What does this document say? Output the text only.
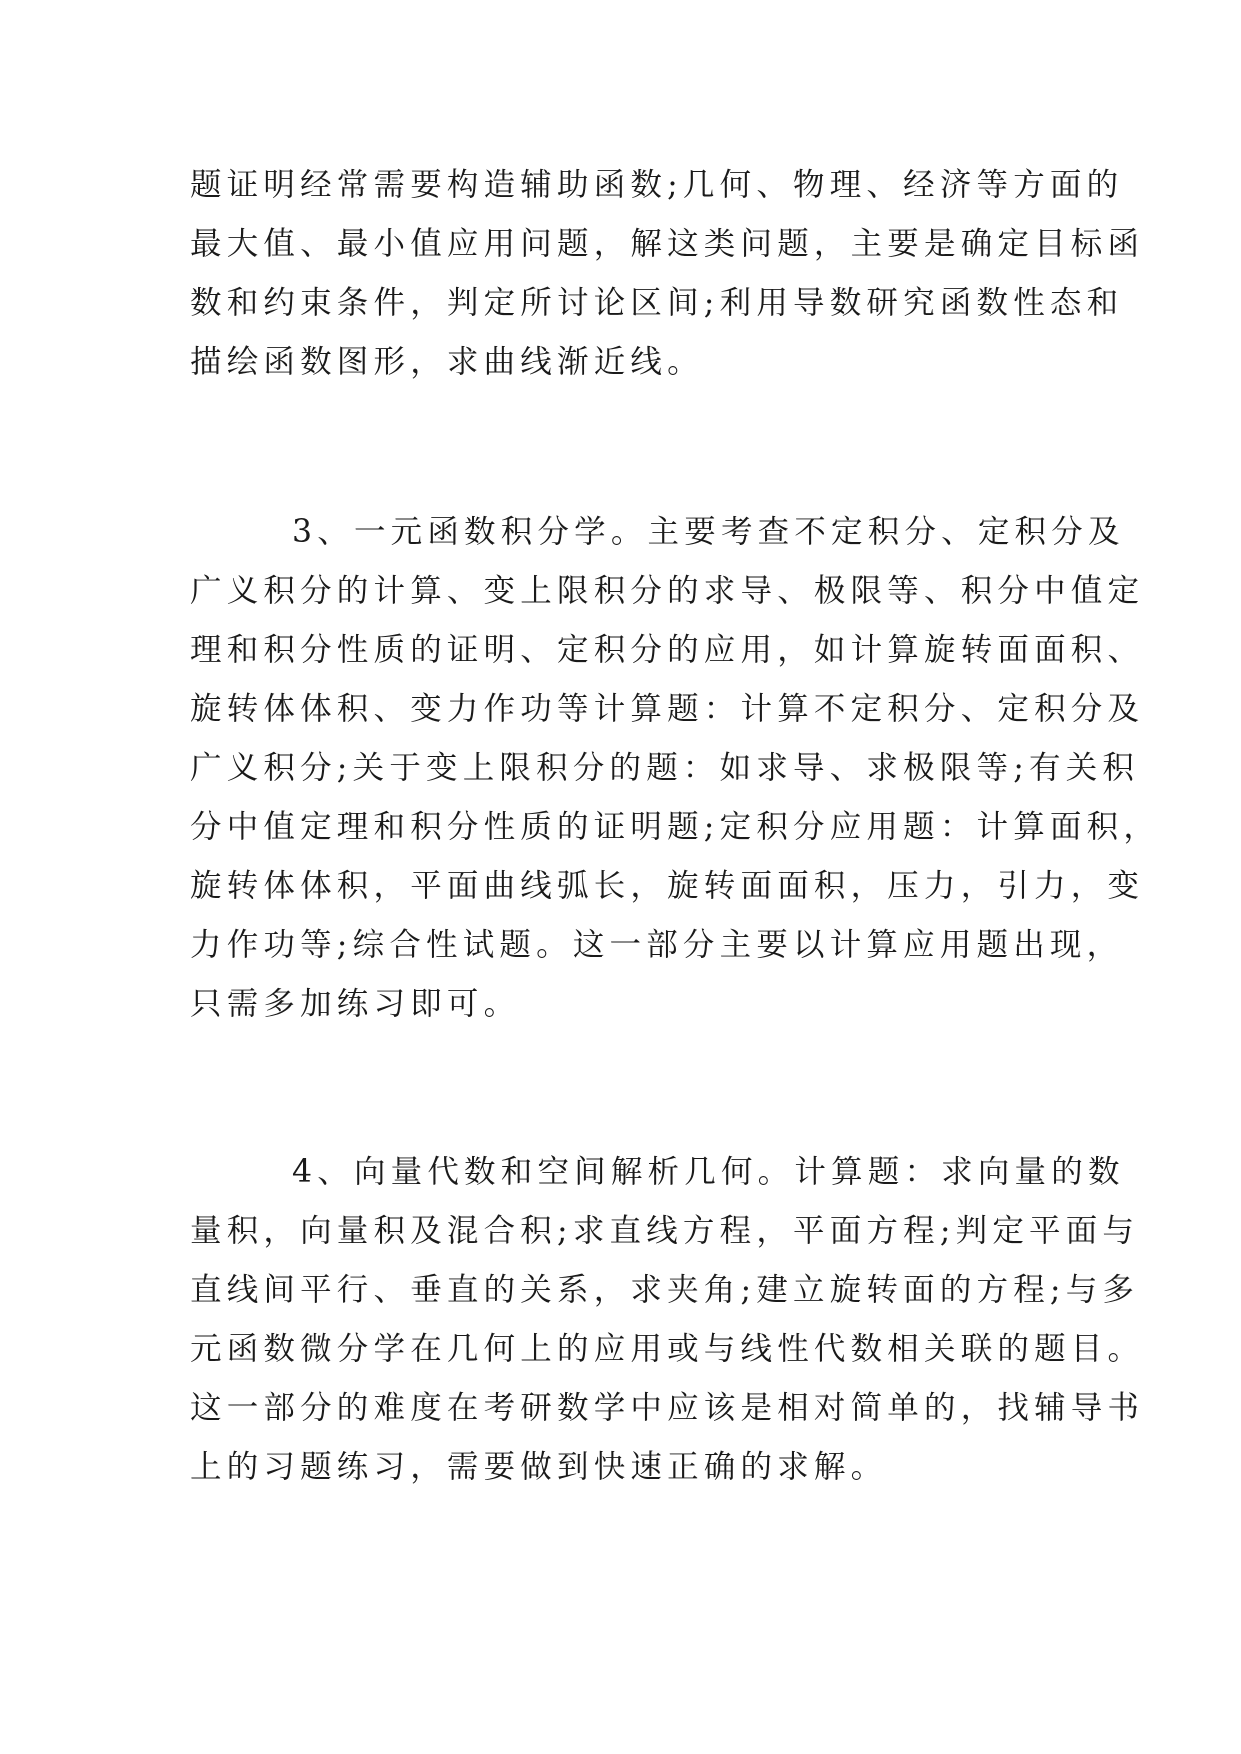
题证明经常需要构造辅助函数;几何、物理、经济等方面的
最大值、最小值应用问题，解这类问题，主要是确定目标函
数和约束条件，判定所讨论区间;利用导数研究函数性态和
描绘函数图形，求曲线渐近线。
3、一元函数积分学。主要考查不定积分、定积分及
广义积分的计算、变上限积分的求导、极限等、积分中值定
理和积分性质的证明、定积分的应用，如计算旋转面面积、
旋转体体积、变力作功等计算题：计算不定积分、定积分及
广义积分;关于变上限积分的题：如求导、求极限等;有关积
分中值定理和积分性质的证明题;定积分应用题：计算面积，
旋转体体积，平面曲线弧长，旋转面面积，压力，引力，变
力作功等;综合性试题。这一部分主要以计算应用题出现，
只需多加练习即可。
4、向量代数和空间解析几何。计算题：求向量的数
量积，向量积及混合积;求直线方程，平面方程;判定平面与
直线间平行、垂直的关系，求夹角;建立旋转面的方程;与多
元函数微分学在几何上的应用或与线性代数相关联的题目。
这一部分的难度在考研数学中应该是相对简单的，找辅导书
上的习题练习，需要做到快速正确的求解。
